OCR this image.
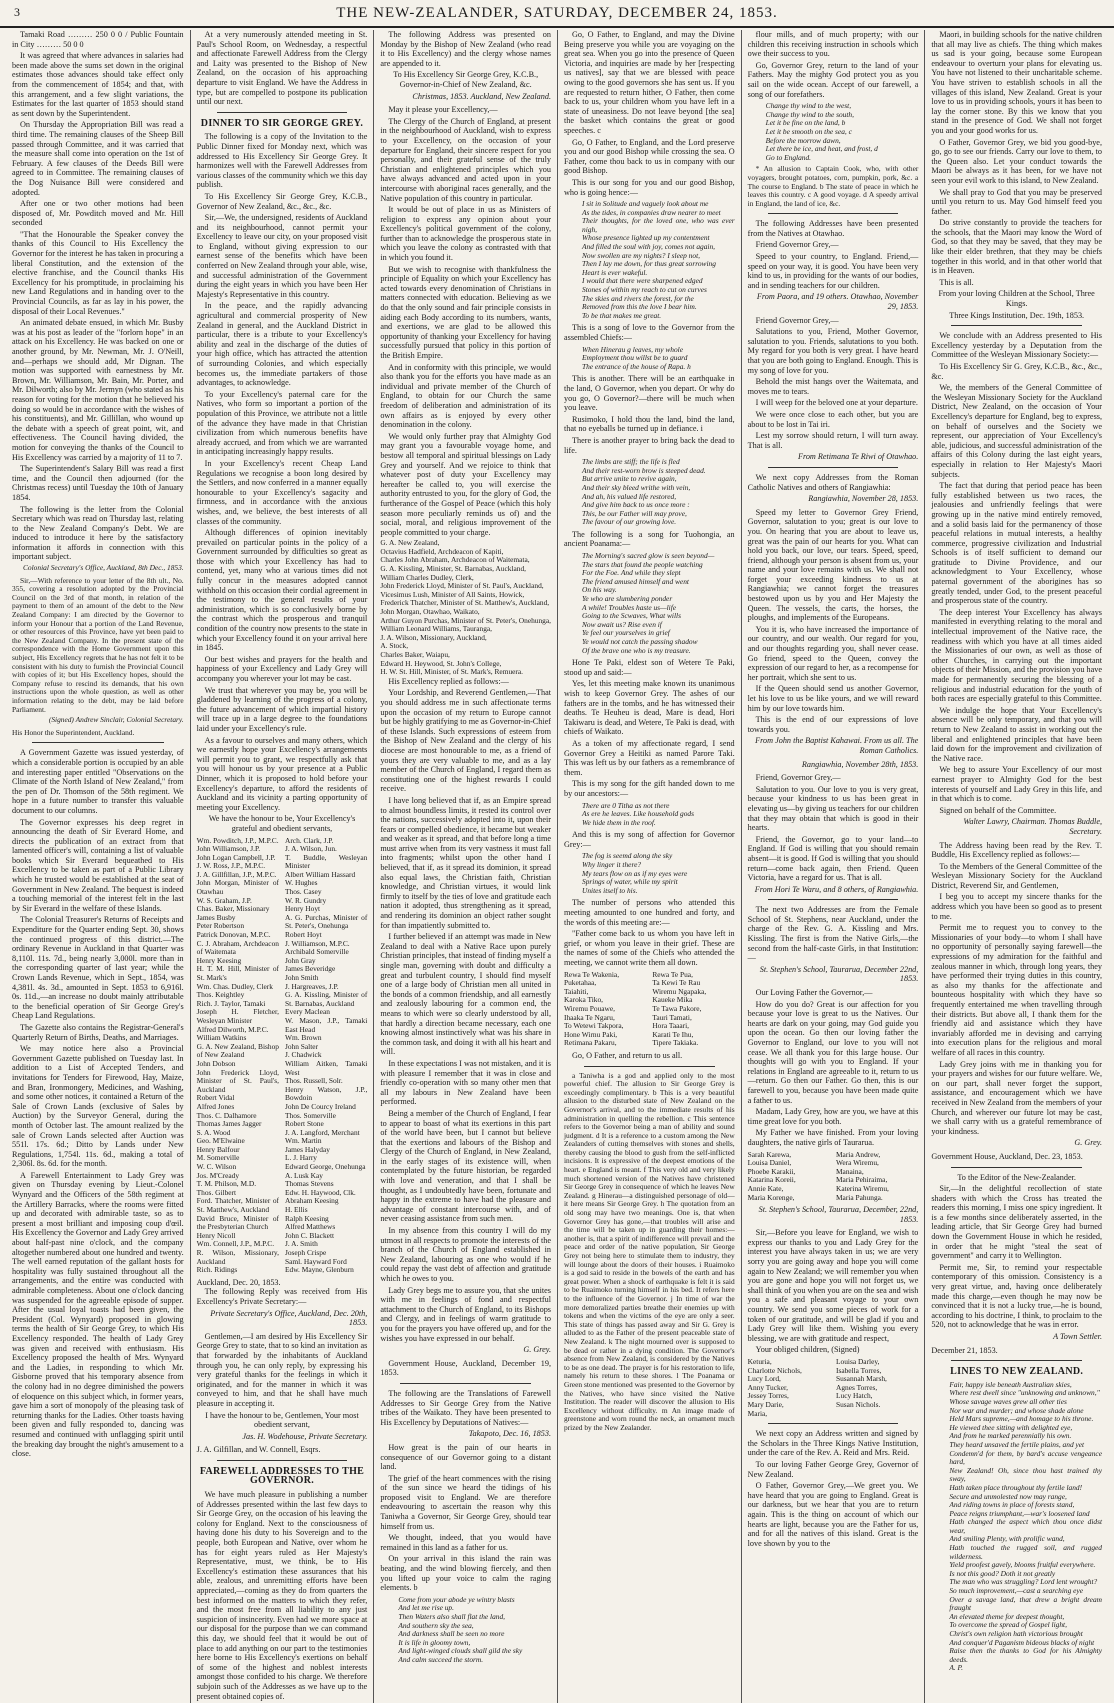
3	THE NEW-ZEALANDER, SATURDAY, DECEMBER 24, 1853.

Tamaki Road ……… 250 0 0 / Public Fountain in City ……… 50 0 0

It was agreed that where advances in salaries had been made above the sums set down in the original estimates those advances should take effect only from the commencement of 1854; and that, with this arrangement, and a few slight variations, the Estimates for the last quarter of 1853 should stand as sent down by the Superintendent.

On Thursday the Appropriation Bill was read a third time. The remaining clauses of the Sheep Bill passed through Committee, and it was carried that the measure shall come into operation on the 1st of February. A few clauses of the Deeds Bill were agreed to in Committee. The remaining clauses of the Dog Nuisance Bill were considered and adopted.

After one or two other motions had been disposed of, Mr. Powditch moved and Mr. Hill seconded

"That the Honourable the Speaker convey the thanks of this Council to His Excellency the Governor for the interest he has taken in procuring a liberal Constitution, and the extension of the elective franchise, and the Council thanks His Excellency for his promptitude, in proclaiming his new Land Regulations and in handing over to the Provincial Councils, as far as lay in his power, the disposal of their Local Revenues."

An animated debate ensued, in which Mr. Busby was at his post as leader of the "forlorn hope" in an attack on his Excellency. He was backed on one or another ground, by Mr. Newman, Mr. J. O'Neill, and—perhaps we should add, Mr Dignan. The motion was supported with earnestness by Mr. Brown, Mr. Williamson, Mr. Bain, Mr. Porter, and Mr. Dilworth; also by Mr. Jermyn (who stated as his reason for voting for the motion that he believed his doing so would be in accordance with the wishes of his constituents), and Mr. Gillillan, who wound up the debate with a speech of great point, wit, and effectiveness. The Council having divided, the motion for conveying the thanks of the Council to His Excellency was carried by a majority of 11 to 7.

The Superintendent's Salary Bill was read a first time, and the Council then adjourned (for the Christmas recess) until Tuesday the 10th of January 1854.

The following is the letter from the Colonial Secretary which was read on Thursday last, relating to the New Zealand Company's Debt. We are induced to introduce it here by the satisfactory information it affords in connection with this important subject.

Colonial Secretary's Office, Auckland, 8th Dec., 1853.

Sir,—With reference to your letter of the 8th ult., No. 355, covering a resolution adopted by the Provincial Council on the 3rd of that month, in relation of the payment to them of an amount of the debt to the New Zealand Company: I am directed by the Governor to inform your Honour that a portion of the Land Revenue, or other resources of this Province, have yet been paid to the New Zealand Company. In the present state of the correspondence with the Home Government upon this subject, His Excellency regrets that he has not felt it to be consistent with his duty to furnish the Provincial Council with copies of it; but His Excellency hopes, should the Company refuse to rescind its demands, that his own instructions upon the whole question, as well as other information relating to the debt, may be laid before Parliament.

(Signed) Andrew Sinclair, Colonial Secretary.
His Honor the Superintendent, Auckland.

A Government Gazette was issued yesterday, of which a considerable portion is occupied by an able and interesting paper entitled "Observations on the Climate of the North Island of New Zealand," from the pen of Dr. Thomson of the 58th regiment. We hope in a future number to transfer this valuable document to our columns.

The Governor expresses his deep regret in announcing the death of Sir Everard Home, and directs the publication of an extract from that lamented officer's will, containing a list of valuable books which Sir Everard bequeathed to His Excellency to be taken as part of a Public Library which he trusted would be established at the seat of Government in New Zealand. The bequest is indeed a touching memorial of the interest felt in the last by Sir Everard in the welfare of these Islands.

The Colonial Treasurer's Returns of Receipts and Expenditure for the Quarter ending Sept. 30, shows the continued progress of this district.—The ordinary Revenue in Auckland in that Quarter was 8,110l. 11s. 7d., being nearly 3,000l. more than in the corresponding quarter of last year; while the Crown Lands Revenue, which in Sept., 1854, was 4,381l. 4s. 3d., amounted in Sept. 1853 to 6,916l. 0s. 11d.,—an increase no doubt mainly attributable to the beneficial operation of Sir George Grey's Cheap Land Regulations.

The Gazette also contains the Registrar-General's Quarterly Return of Births, Deaths, and Marriages.

We may notice here also a Provincial Government Gazette published on Tuesday last. In addition to a List of Accepted Tenders, and invitations for Tenders for Firewood, Hay, Maize, and Bran, Ironmongery, Medicines, and Washing, and some other notices, it contained a Return of the Sale of Crown Lands (exclusive of Sales by Auction) by the Surveyor General, during the month of October last. The amount realized by the sale of Crown Lands selected after Auction was 551l. 17s. 6d.; Ditto by Lands under New Regulations, 1,754l. 11s. 6d., making a total of 2,306l. 8s. 6d. for the month.

A Farewell Entertainment to Lady Grey was given on Thursday evening by Lieut.-Colonel Wynyard and the Officers of the 58th regiment at the Artillery Barracks, where the rooms were fitted up and decorated with admirable taste, so as to present a most brilliant and imposing coup d'œil. His Excellency the Governor and Lady Grey arrived about half-past nine o'clock, and the company altogether numbered about one hundred and twenty. The well earned reputation of the gallant hosts for hospitality was fully sustained throughout all the arrangements, and the entire was conducted with admirable completeness. About one o'clock dancing was suspended for the agreeable episode of supper. After the usual loyal toasts had been given, the President (Col. Wynyard) proposed in glowing terms the health of Sir George Grey, to which His Excellency responded. The health of Lady Grey was given and received with enthusiasm. His Excellency proposed the health of Mrs. Wynyard and the Ladies, in responding to which Mr. Gisborne proved that his temporary absence from the colony had in no degree diminished the powers of eloquence on this subject which, in former years, gave him a sort of monopoly of the pleasing task of returning thanks for the Ladies. Other toasts having been given and fully responded to, dancing was resumed and continued with unflagging spirit until the breaking day brought the night's amusement to a close.

At a very numerously attended meeting in St. Paul's School Room, on Wednesday, a respectful and affectionate Farewell Address from the Clergy and Laity was presented to the Bishop of New Zealand, on the occasion of his approaching departure to visit England. We have the Address in type, but are compelled to postpone its publication until our next.

DINNER TO SIR GEORGE GREY.

The following is a copy of the Invitation to the Public Dinner fixed for Monday next, which was addressed to His Excellency Sir George Grey. It harmonizes well with the Farewell Addresses from various classes of the community which we this day publish.

To His Excellency Sir George Grey, K.C.B., Governor of New Zealand, &c., &c., &c.

Sir,—We, the undersigned, residents of Auckland and its neighbourhood, cannot permit your Excellency to leave our city, on your proposed visit to England, without giving expression to our earnest sense of the benefits which have been conferred on New Zealand through your able, wise, and successful administration of the Government during the eight years in which you have been Her Majesty's Representative in this country.

In the peace, and the rapidly advancing agricultural and commercial prosperity of New Zealand in general, and the Auckland District in particular, there is a tribute to your Excellency's ability and zeal in the discharge of the duties of your high office, which has attracted the attention of surrounding Colonies, and which especially becomes us, the immediate partakers of those advantages, to acknowledge.

To your Excellency's paternal care for the Natives, who form so important a portion of the population of this Province, we attribute not a little of the advance they have made in that Christian civilization from which numerous benefits have already accrued, and from which we are warranted in anticipating increasingly happy results.

In your Excellency's recent Cheap Land Regulations we recognise a boon long desired by the Settlers, and now conferred in a manner equally honourable to your Excellency's sagacity and firmness, and in accordance with the anxious wishes, and, we believe, the best interests of all classes of the community.

Although differences of opinion inevitably prevailed on particular points in the policy of a Government surrounded by difficulties so great as those with which your Excellency has had to contend, yet, many who at various times did not fully concur in the measures adopted cannot withhold on this occasion their cordial agreement in the testimony to the general results of your administration, which is so conclusively borne by the contrast which the prosperous and tranquil condition of the country now presents to the state in which your Excellency found it on your arrival here in 1845.

Our best wishes and prayers for the health and happiness of your Excellency and Lady Grey will accompany you wherever your lot may be cast.

We trust that wherever you may be, you will be gladdened by learning of the progress of a colony, the future advancement of which impartial history will trace up in a large degree to the foundations laid under your Excellency's rule.

As a favour to ourselves and many others, which we earnestly hope your Excellency's arrangements will permit you to grant, we respectfully ask that you will honour us by your presence at a Public Dinner, which it is proposed to hold before your Excellency's departure, to afford the residents of Auckland and its vicinity a parting opportunity of meeting your Excellency.

We have the honour to be, Your Excellency's grateful and obedient servants,
Wm. Powditch, J.P., M.P.C.
John Williamson, J.P.
John Logan Campbell, J.P.
J. W. Ross, J.P., M.P.C.
J. A. Gillfillan, J.P., M.P.C.
John Morgan, Minister of Otawhau
W. S. Graham, J.P.
Chas. Baker, Missionary
James Busby
Peter Robertson
Patrick Donovan, M.P.C.
C. J. Abraham, Archdeacon of Waitemata
Henry Keesing
H. T. M. Hill, Minister of St. Mark's
Wm. Chas. Dudley, Clerk
Thos. Keightley
Rich. J. Taylor, Tamaki
Joseph H. Fletcher, Wesleyan Minister
Alfred Dilworth, M.P.C.
William Watkins
G. A. New Zealand, Bishop of New Zealand
John Dobson
John Frederick Lloyd, Minister of St. Paul's, Auckland
Robert Vidal
Alfred Jones
Thos. C. Dalhamore
Thomas James Jagger
S. A. Wood
Geo. M'Elwaine
Henry Balfour
M. Somerville
W. C. Wilson
Jos. M'Cready
T. M. Philson, M.D.
Thos. Gilbert
Ford. Thatcher, Minister of St. Matthew's, Auckland
David Bruce, Minister of the Presbyterian Church
Henry Nicoll
Wm. Connell, J.P., M.P.C.
R. Wilson, Missionary, Auckland
Rich. Ridings
Arch. Clark, J.P.
J. A. Wilson, Jun.
T. Buddle, Wesleyan Minister
Albert William Hassard
W. Hughes
Thos. Casey
W. R. Gundry
Henry Hoyt
A. G. Purchas, Minister of St. Peter's, Onehunga
Robert Hoyt
J. Williamson, M.P.C.
Archibald Somerville
John Gray
James Beveridge
John Smith
J. Hargreaves, J.P.
G. A. Kissling, Minister of St. Barnabas, Auckland
Every Maclean
W. Mason, J.P., Tamaki East Head
Wm. Brown
John Salter
J. Chadwick
William Aitken, Tamaki West
Thos. Russell, Solr.
Henry Watson, J.P., Bowdoin
John De Courcy Ireland
Thos. Somerville
Robert Stone
J. A. Langford, Merchant
Wm. Martin
James Halyday
L. J. Harry
Edward George, Onehunga
A. Lusk Kay
Thomas Stevens
Edw. H. Haywood, Clk.
Abraham Keesing
H. Ellis
Ralph Keesing
Alfred Matthews
John C. Blackett
J. A. Smith
Joseph Crispe
Saml. Hayward Ford
Edw. Mayne, Glenburn
Auckland, Dec. 20, 1853.

The following Reply was received from His Excellency's Private Secretary:—

Private Secretary's Office, Auckland, Dec. 20th, 1853.

Gentlemen,—I am desired by His Excellency Sir George Grey to state, that to so kind an invitation as that forwarded by the inhabitants of Auckland through you, he can only reply, by expressing his very grateful thanks for the feelings in which it originated, and for the manner in which it was conveyed to him, and that he shall have much pleasure in accepting it.

I have the honour to be, Gentlemen, Your most obedient servant,
Jas. H. Wodehouse, Private Secretary.
J. A. Gilfillan, and W. Connell, Esqrs.
FAREWELL ADDRESSES TO THE GOVERNOR.

We have much pleasure in publishing a number of Addresses presented within the last few days to Sir George Grey, on the occasion of his leaving the colony for England. Next to the consciousness of having done his duty to his Sovereign and to the people, both European and Native, over whom he has for eight years ruled as Her Majesty's Representative, must, we think, be to His Excellency's estimation these assurances that his able, zealous, and unremitting efforts have been appreciated,—coming as they do from quarters the best informed on the matters to which they refer, and the most free from all liability to any just suspicion of insincerity. Even had we more space at our disposal for the purpose than we can command this day, we should feel that it would be out of place to add anything on our part to the testimonies here borne to His Excellency's exertions on behalf of some of the highest and noblest interests amongst those confided to his charge. We therefore subjoin such of the Addresses as we have up to the present obtained copies of.

The following Address was presented on Monday by the Bishop of New Zealand (who read it to His Excellency) and the clergy whose names are appended to it.

To His Excellency Sir George Grey, K.C.B., Governor-in-Chief of New Zealand, &c.
Christmas, 1853. Auckland, New Zealand.

May it please your Excellency,—

The Clergy of the Church of England, at present in the neighbourhood of Auckland, wish to express to your Excellency, on the occasion of your departure for England, their sincere respect for you personally, and their grateful sense of the truly Christian and enlightened principles which you have always advanced and acted upon in your intercourse with aboriginal races generally, and the Native population of this country in particular.

It would be out of place in us as Ministers of religion to express any opinion about your Excellency's political government of the colony, further than to acknowledge the prosperous state in which you leave the colony as contrasted with that in which you found it.

But we wish to recognise with thankfulness the principle of Equality on which your Excellency has acted towards every denomination of Christians in matters connected with education. Believing as we do that the only sound and fair principle consists in aiding each Body according to its numbers, wants, and exertions, we are glad to be allowed this opportunity of thanking your Excellency for having successfully pursued that policy in this portion of the British Empire.

And in conformity with this principle, we would also thank you for the efforts you have made as an individual and private member of the Church of England, to obtain for our Church the same freedom of deliberation and administration of its own affairs as is enjoyed by every other denomination in the colony.

We would only further pray that Almighty God may grant you a favourable voyage home, and bestow all temporal and spiritual blessings on Lady Grey and yourself. And we rejoice to think that whatever post of duty your Excellency may hereafter be called to, you will exercise the authority entrusted to you, for the glory of God, the furtherance of the Gospel of Peace (which this holy season more peculiarly reminds us of) and the social, moral, and religious improvement of the people committed to your charge.

G. A. New Zealand,
Octavius Hadfield, Archdeacon of Kapiti,
Charles John Abraham, Archdeacon of Waitemata,
G. A. Kissling, Minister, St. Barnabas, Auckland,
William Charles Dudley, Clerk,
John Frederick Lloyd, Minister of St. Paul's, Auckland,
Vicesimus Lush, Minister of All Saints, Howick,
Frederick Thatcher, Minister of St. Matthew's, Auckland,
John Morgan, Otawhao, Waikato,
Arthur Guyon Purchas, Minister of St. Peter's, Onehunga,
William Leonard Williams, Tauranga,
J. A. Wilson, Missionary, Auckland,
A. Stock,
Charles Baker, Waiapu,
Edward H. Heywood, St. John's College,
H. W. St. Hill, Minister, of St. Mark's, Remuera.

His Excellency replied as follows:—

Your Lordship, and Reverend Gentlemen,—That you should address me in such affectionate terms upon the occasion of my return to Europe cannot but be highly gratifying to me as Governor-in-Chief of these Islands. Such expressions of esteem from the Bishop of New Zealand and the clergy of his diocese are most honourable to me, as a friend of yours they are very valuable to me, and as a lay member of the Church of England, I regard them as constituting one of the highest rewards I could receive.

I have long believed that if, as an Empire spread to almost boundless limits, it rested its control over the nations, successively adopted into it, upon their fears or compelled obedience, it became but weaker and weaker as it spread, and that before long a time must arrive when from its very vastness it must fall into fragments; whilst upon the other hand I believed, that if, as it spread its dominion, it spread also equal laws, the Christian faith, Christian knowledge, and Christian virtues, it would link firmly to itself by the ties of love and gratitude each nation it adopted, thus strengthening as it spread, and rendering its dominion an object rather sought for than impatiently submitted to.

I further believed if an attempt was made in New Zealand to deal with a Native Race upon purely Christian principles, that instead of finding myself a single man, governing with doubt and difficulty a great and turbulent country, I should find myself one of a large body of Christian men all united in the bonds of a common friendship, and all earnestly and zealously labouring for a common end, the means to which were so clearly understood by all, that hardly a direction became necessary, each one knowing almost instinctively what was his share in the common task, and doing it with all his heart and will.

In these expectations I was not mistaken, and it is with pleasure I remember that it was in close and friendly co-operation with so many other men that all my labours in New Zealand have been performed.

Being a member of the Church of England, I fear to appear to boast of what its exertions in this part of the world have been, but I cannot but believe that the exertions and labours of the Bishop and Clergy of the Church of England, in New Zealand, in the early stages of its existence will, when contemplated by the future historian, be regarded with love and veneration, and that I shall be thought, as I undoubtedly have been, fortunate and happy in the extreme to have had the pleasure and advantage of constant intercourse with, and of never ceasing assistance from such men.

In my absence from this country I will do my utmost in all respects to promote the interests of the branch of the Church of England established in New Zealand, labouring as one who would if he could repay the vast debt of affection and gratitude which he owes to you.

Lady Grey begs me to assure you, that she unites with me in feelings of fond and respectful attachment to the Church of England, to its Bishops and Clergy, and in feelings of warm gratitude to you for the prayers you have offered up, and for the wishes you have expressed in our behalf.

G. Grey.

Government House, Auckland, December 19, 1853.

The following are the Translations of Farewell Addresses to Sir George Grey from the Native tribes of the Waikato. They have been presented to His Excellency by Deputations of Natives:—

Takapoto, Dec. 16, 1853.

How great is the pain of our hearts in consequence of our Governor going to a distant land.

The grief of the heart commences with the rising of the sun since we heard the tidings of his proposed visit to England. We are therefore endeavouring to ascertain the reason why this Taniwha a Governor, Sir George Grey, should tear himself from us.

We thought, indeed, that you would have remained in this land as a father for us.

On your arrival in this island the rain was beating, and the wind blowing fiercely, and then you lifted up your voice to calm the raging elements. b

Come from your abode ye wintry blasts
And let me rise up.
Then Waters also shall flat the land,
And southern sky the sea,
And darkness shall be seen no more
It is life in gloomy town,
And light-winged clouds shall gild the sky
And calm succeed the storm.

Go, O Father, to England, and may the Divine Being preserve you while you are voyaging on the great sea. When you go into the presence of Queen Victoria, and inquiries are made by her [respecting us natives], say that we are blessed with peace owing to the good governors she has sent us. If you are requested to return hither, O Father, then come back to us, your children whom you have left in a state of uneasiness. Do not leave beyond [the sea] the basket which contains the great or good speeches. c

Go, O Father, to England, and the Lord preserve you and our good Bishop while crossing the sea. O Father, come thou back to us in company with our good Bishop.

This is our song for you and our good Bishop, who is going hence:—

I sit in Solitude and vaguely look about me
As the tides, in companies draw nearer to meet
Their thoughts, for the loved one, who was ever nigh,
Whose presence lighted up my contentment
And filled the soul with joy, comes not again,
Now swollen are my nights? I sleep not,
Then I lay me down, for thus great sorrowing
Heart is ever wakeful.
I would that there were sharpened edged
Stones of within my reach to cut on curves
The skies and rivers the forest, for the
Removed from this the love I bear him.
To be that makes me great.

This is a song of love to the Governor from the assembled Chiefs:—

When Hinerau g leaves, my whole
Employment thou willst be to guard
The entrance of the house of Rapa. h

This is another. There will be an earthquake in the land, O Governor, when you depart. Or why do you go, O Governor?—there will be much when you leave.

Rusimoko, I hold thou the land, bind the land, that no eyeballs be turned up in defiance. i

There is another prayer to bring back the dead to life.

The limbs are stiff; the life is fled
And their rest-worn brow is steeped dead.
But arrive unite to revive again,
And their sky bleed writhe with vein,
And ah, his valued life restored,
And give him back to us once more :
This, be our Father will may prove,
The favour of our growing love.

The following is a song for Tuohongia, an ancient Poanama:—

The Morning's sacred glow is seen beyond—
The stars that found the people watching
For the Foe. And while they slept
The friend amused himself and went
On his way.
Ye who are slumbering ponder
A while! Troubles haste us—life
Going to the Scwaves, What wills
Now await us? Rise even if
Ye feel our yourselves in grief
Ye would not catch the passing shadow
Of the brave one who is my treasure.

Hone Te Paki, eldest son of Wetere Te Paki, stood up and said:—

Yes, let this meeting make known its unanimous wish to keep Governor Grey. The ashes of our fathers are in the tombs, and he has witnessed their deaths. Te Heuheu is dead, Mare is dead, Hori Takiwaru is dead, and Wetere, Te Paki is dead, with chiefs of Waikato.

As a token of my affectionate regard, I send Governor Grey a Heitiki as named Parore Taki. This was left us by our fathers as a remembrance of them.

This is my song for the gift handed down to me by our ancestors:—

There are 0 Titha as not there
As ere he leaves. Like household gods
We hide them in the roof.

And this is my song of affection for Governor Grey:—

The fog is seemd along the sky
Why linger it there?
My tears flow on as if my eyes were
Springs of water, while my spirit
Unites itself to his.

The number of persons who attended this meeting amounted to one hundred and forty, and the words of this meeting are:—

"Father come back to us whom you have left in grief, or whom you leave in their grief. These are the names of some of the Chiefs who attended the meeting, we cannot write them all down.

Rewa Te Wakenia,
Puketahaa,
Taiahiti,
Karoka Tiko,
Wiremu Pouawe,
Ihaaka Te Ngaru,
To Wetewi Takpora,
Hone Wirnu Paki,
Retimana Pakaru,
Rewa Te Pua,
Ta Kewi Te Rau
Wiremu Ngapaka,
Kaueke Mika
Te Tawa Pakore,
Tauri Tamati,
Hora Taaari,
Karati Te Ihu,
Tipere Takiaka.

Go, O Father, and return to us all.

a Taniwha is a god and applied only to the most powerful chief. The allusion to Sir George Grey is exceedingly complimentary. b This is a very beautiful allusion to the disturbed state of New Zealand on the Governor's arrival, and to the immediate results of his administration in quelling the rebellion. c This sentence refers to the Governor being a man of ability and sound judgment. d It is a reference to a custom among the New Zealanders of cutting themselves with stones and shells, thereby causing the blood to gush from the self-inflicted incisions. It is expressive of the deepest emotions of the heart. e England is meant. f This very old and very likely much shortened version of the Natives have christened Sir George Grey in consequence of which he leaves New Zealand. g Hinerau—a distinguished personage of old—it here means Sir George Grey. h The quotation from an old song may have two meanings. One is, that when Governor Grey has gone,—that troubles will arise and the time will be taken up in guarding their homes:—another is, that a spirit of indifference will prevail and the peace and order of the native population, Sir George Grey not being here to stimulate them to industry, they will lounge about the doors of their houses. i Ruaimoko is a god said to reside in the bowels of the earth and has great power. When a shock of earthquake is felt it is said to be Ruaimoko turning himself in his bed. It refers here to the influence of the Governor. j In time of war the more demoralized parties breathe their enemies up with tokens and when the victims of the eye are only a seer. This state of things has passed away and Sir G. Grey is alluded to as the Father of the present peaceable state of New Zealand. k The night mourned over is supposed to be dead or rather in a dying condition. The Governor's absence from New Zealand, is considered by the Natives to be as one dead. The prayer is for his restoration to life, namely his return to these shores. l The Poanama or Green stone mentioned was presented to the Governor by the Natives, who have since visited the Native Institution. The reader will discover the allusion to His Excellency without difficulty. m An image made of greenstone and worn round the neck, an ornament much prized by the New Zealander.

flour mills, and of much property; with our children this receiving instruction in schools which owe their success to you.

Go, Governor Grey, return to the land of your Fathers. May the mighty God protect you as you sail on the wide ocean. Accept of our farewell, a song of our forefathers.

Change thy wind to the west,
Change thy wind to the south,
Let it be fine on the land, b
Let it be smooth on the sea, c
Before the morrow dawn,
Let there be ice, and heat, and frost, d
Go to England.

* An allusion to Captain Cook, who, with other voyagers, brought potatoes, corn, pumpkin, pork, &c. a The course to England. b The state of peace in which he leaves this country. c A good voyage. d A speedy arrival in England, the land of ice, &c.

The following Addresses have been presented from the Natives at Otawhao.

Friend Governor Grey,—

Speed to your country, to England. Friend,—speed on your way, it is good. You have been very kind to us, in providing for the wants of our bodies, and in sending teachers for our children.

From Paora, and 19 others. Otawhao, November 29, 1853.

Friend Governor Grey,—

Salutations to you, Friend, Mother Governor, salutation to you. Friends, salutations to you both. My regard for you both is very great. I have heard that you are both going to England. Enough. This is my song of love for you.

Behold the mist hangs over the Waitemata, and moves me to tears.

I will weep for the beloved one at your departure.

We were once close to each other, but you are about to be lost in Tai iri.

Lest my sorrow should return, I will turn away. That is all.

From Retimana Te Riwi of Otawhao.

We next copy Addresses from the Roman Catholic Natives and others of Rangiawhia:

Rangiawhia, November 28, 1853.

Speed my letter to Governor Grey Friend, Governor, salutation to you; great is our love to you. On hearing that you are about to leave us, great was the pain of our hearts for you. What can hold you back, our love, our tears. Speed, speed, friend, although your person is absent from us, your name and your love remains with us. We shall not forget your exceeding kindness to us at Rangiawhia; we cannot forget the treasures bestowed upon us by you and Her Majesty the Queen. The vessels, the carts, the horses, the ploughs, and implements of the Europeans.

You it is, who have increased the importance of our country, and our wealth. Our regard for you, and our thoughts regarding you, shall never cease. Go friend, speed to the Queen, convey the expression of our regard to her, as a recompense for her portrait, which she sent to us.

If the Queen should send us another Governor, let his love to us be like yours, and we will reward him by our love towards him.

This is the end of our expressions of love towards you.

From John the Baptist Kahawai. From us all. The Roman Catholics.
Rangiawhia, November 28th, 1853.

Friend, Governor Grey,—

Salutation to you. Our love to you is very great, because your kindness to us has been great in elevating us—by giving us teachers for our children that they may obtain that which is good in their hearts.

Friend, the Governor, go to your land—to England. If God is willing that you should remain absent—it is good. If God is willing that you should return—come back again, then Friend. Queen Victoria, have a regard for us. That is all.

From Hori Te Waru, and 8 others, of Rangiawhia.

The next two Addresses are from the Female School of St. Stephens, near Auckland, under the charge of the Rev. G. A. Kissling and Mrs. Kissling. The first is from the Native Girls,—the second from the half-caste Girls, in that Institution:—

St. Stephen's School, Taurarua, December 22nd, 1853.

Our Loving Father the Governor,—

How do you do? Great is our affection for you because your love is great to us the Natives. Our hearts are dark on your going, may God guide you upon the ocean. Go then our loving father the Governor to England, our love to you will not cease. We all thank you for this large house. Our thoughts will go with you to England. If your relations in England are agreeable to it, return to us—return. Go then our Father. Go then, this is our farewell to you, because you have been made quite a father to us.

Madam, Lady Grey, how are you, we have at this time great love for you both.

My Father we have finished. From your loving daughters, the native girls of Taurarua.

Sarah Karewa,
Louisa Daniel,
Phoebe Karakii,
Katarina Koreii,
Annie Kate,
Maria Korenge,
Maria Andrew,
Wera Wiremu,
Manaina,
Maria Pehiraima,
Katerina Wiremu,
Maria Pahunga.
St. Stephen's School, Taurarua, December, 22nd, 1853.

Sir,—Before you leave for England, we wish to express our thanks to you and Lady Grey for the interest you have always taken in us; we are very sorry you are going away and hope you will come again to New Zealand; we will remember you when you are gone and hope you will not forget us, we shall think of you when you are on the sea and wish you a safe and pleasant voyage to your own country. We send you some pieces of work for a token of our gratitude, and will be glad if you and Lady Grey will like them. Wishing you every blessing, we are with gratitude and respect,

Your obliged children, (Signed)

Keturia,
Charlotte Nichols,
Lucy Lord,
Anny Tucker,
Jessey Torres,
Mary Darie,
Maria,
Louisa Darley,
Isabella Torres,
Susannah Marsh,
Agnes Torres,
Lucy Hatch,
Susan Nichols.

We next copy an Address written and signed by the Scholars in the Three Kings Native Institution, under the care of the Rev. A. Reid and Mrs. Reid.

To our loving Father George Grey, Governor of New Zealand.

O Father, Governor Grey,—We greet you. We have heard that you are going to England. Great is our darkness, but we hear that you are to return again. This is the thing on account of which our hearts are light, because you are the Father for us, and for all the natives of this island. Great is the love shown by you to the

Maori, in building schools for the native children that all may live as chiefs. The thing which makes us sad is your going, because some European endeavour to overturn your plans for elevating us. You have not listened to their uncharitable scheme. You have striven to establish schools in all the villages of this island, New Zealand. Great is your love to us in providing schools, yours it has been to lay the corner stone. By this we know that you stand in the presence of God. We shall not forget you and your good works for us.

O Father, Governor Grey, we bid you good-bye, go, go to see our friends. Carry our love to them, to the Queen also. Let your conduct towards the Maori be always as it has been, for we have not seen your evil work to this island, to New Zealand.

We shall pray to God that you may be preserved until you return to us. May God himself feed you father.

Do strive constantly to provide the teachers for the schools, that the Maori may know the Word of God, so that they may be saved, that they may be like their elder brethren, that they may be chiefs together in this world, and in that other world that is in Heaven.

This is all.

From your loving Children at the School, Three Kings.
Three Kings Institution, Dec. 19th, 1853.

We conclude with an Address presented to His Excellency yesterday by a Deputation from the Committee of the Wesleyan Missionary Society:—

To His Excellency Sir G. Grey, K.C.B., &c., &c., &c.

We, the members of the General Committee of the Wesleyan Missionary Society for the Auckland District, New Zealand, on the occasion of Your Excellency's departure for England, beg to express, on behalf of ourselves and the Society we represent, our appreciation of Your Excellency's able, judicious, and successful administration of the affairs of this Colony during the last eight years, especially in relation to Her Majesty's Maori subjects.

The fact that during that period peace has been fully established between us two races, the jealousies and unfriendly feelings that were growing up in the native mind entirely removed, and a solid basis laid for the permanency of those peaceful relations in mutual interests, a healthy commerce, progressive civilization and Industrial Schools is of itself sufficient to demand our gratitude to Divine Providence, and our acknowledgment to Your Excellency, whose paternal government of the aborigines has so greatly tended, under God, to the present peaceful and prosperous state of the country.

The deep interest Your Excellency has always manifested in everything relating to the moral and intellectual improvement of the Native race, the readiness with which you have at all times aided the Missionaries of our own, as well as those of other Churches, in carrying out the important objects of their Mission, and the provision you have made for permanently securing the blessing of a religious and industrial education for the youth of both races are especially grateful to this Committee.

We indulge the hope that Your Excellency's absence will be only temporary, and that you will return to New Zealand to assist in working out the liberal and enlightened principles that have been laid down for the improvement and civilization of the Native race.

We beg to assure Your Excellency of our most earnest prayer to Almighty God for the best interests of yourself and Lady Grey in this life, and in that which is to come.

Signed on behalf of the Committee.

Walter Lawry, Chairman. Thomas Buddle, Secretary.

The Address having been read by the Rev. T. Buddle, His Excellency replied as follows:—

To the Members of the General Committee of the Wesleyan Missionary Society for the Auckland District, Reverend Sir, and Gentlemen,

I beg you to accept my sincere thanks for the address which you have been so good as to present to me.

Permit me to request you to convey to the Missionaries of your body—to whom I shall have no opportunity of personally saying farewell—the expressions of my admiration for the faithful and zealous manner in which, through long years, they have performed their trying duties in this country, as also my thanks for the affectionate and bounteous hospitality with which they have so frequently entertained me when travelling through their districts. But above all, I thank them for the friendly aid and assistance which they have invariably afforded me in devising and carrying into execution plans for the religious and moral welfare of all races in this country.

Lady Grey joins with me in thanking you for your prayers and wishes for our future welfare. We, on our part, shall never forget the support, assistance, and encouragement which we have received in New Zealand from the members of your Church, and wherever our future lot may be cast, we shall carry with us a grateful remembrance of your kindness.

G. Grey.
Government House, Auckland, Dec. 23, 1853.
To the Editor of the New-Zealander.

Sir,—In the delightful recollection of state shaders with which the Cross has treated the readers this morning, I miss one spicy ingredient. It is a few months since deliberately asserted, in the leading article, that Sir George Grey had burned down the Government House in which he resided, in order that he might "steal the seat of government" and carry it to Wellington.

Permit me, Sir, to remind your respectable contemporary of this omission. Consistency is a very great virtue, and, having once deliberately made this charge,—even though he may now be convinced that it is not a lucky true,—he is bound, according to his doctrine, I think, to proclaim to the 520, not to acknowledge that he was in error.

A Town Settler.
December 21, 1853.
LINES TO NEW ZEALAND.
Fair, happy isle beneath Australian skies,
Where rest dwell since "unknowing and unknown,"
Whose savage waves grew all other ties
Nor war and murder; and whose shade alone
Held Mars supreme,—and homage to his throne.
He viewed thee sitting with delighted eye,
And from he marked perennially his own.
They heard unsaved the fertile plains, and yet
Condemn'd for them, by bard's accuse vengeance hard,
New Zealand! Oh, since thou hast trained thy sway,
Hath taken place throughout thy fertile land!
Secure and unmolested now may range,
And riding towns in place of forests stand,
Peace reigns triumphant,—war's loosened land
Hath changed the aspect which thou once didst wear,
And smiling Plenty, with prolific wand,
Hath touched the rugged soil, and rugged wilderness.
Yield proofest gavely, blooms fruitful everywhere.
Is not this good? Doth it not greatly
The man who was struggling? Lord lent wrought?
So much improvement,—cast a searching eye
Over a savage land, that drew a bright dream fraught
An elevated theme for deepest thought,
To overcome the spread of Gospel light,
Christ's own religion hath victorious brought
And conquer'd Paganism bideous blacks of night
Raise then the thanks to God for his Almighty deeds.
A. P.
